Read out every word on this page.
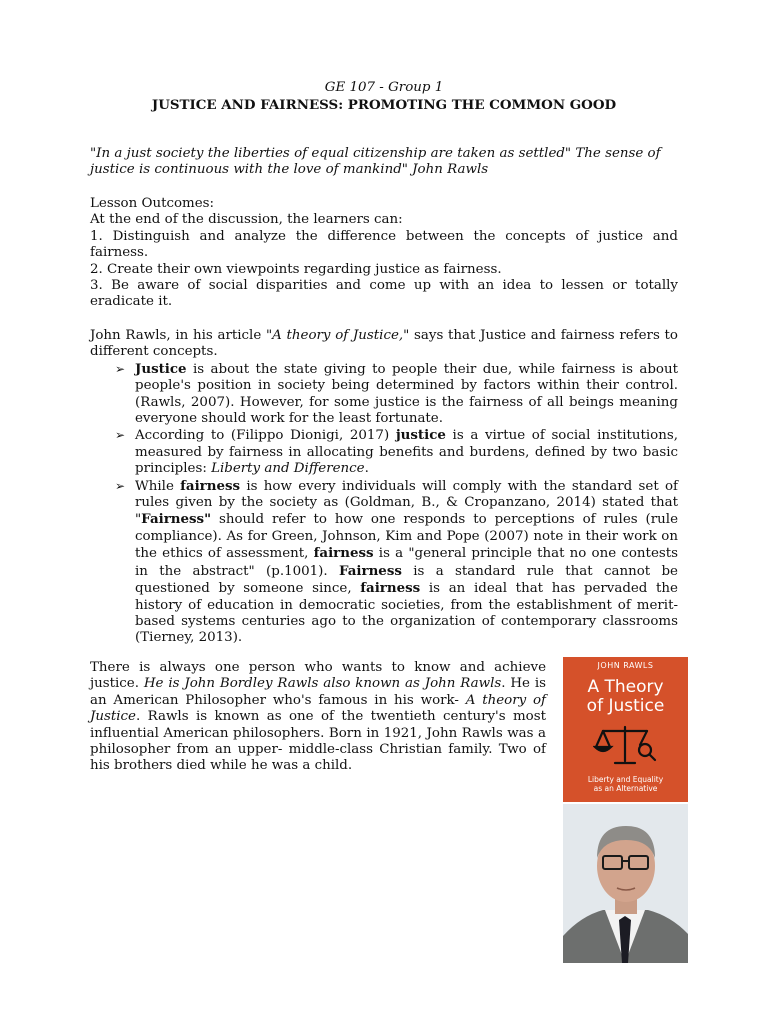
GE 107 - Group 1

JUSTICE AND FAIRNESS: PROMOTING THE COMMON GOOD

"In a just society the liberties of equal citizenship are taken as settled" The sense of justice is continuous with the love of mankind" John Rawls

Lesson Outcomes:

At the end of the discussion, the learners can:

1. Distinguish and analyze the difference between the concepts of justice and fairness.

2. Create their own viewpoints regarding justice as fairness.

3. Be aware of social disparities and come up with an idea to lessen or totally eradicate it.

John Rawls, in his article "A theory of Justice," says that Justice and fairness refers to different concepts.

➢ Justice is about the state giving to people their due, while fairness is about people's position in society being determined by factors within their control. (Rawls, 2007). However, for some justice is the fairness of all beings meaning everyone should work for the least fortunate.
➢ According to (Filippo Dionigi, 2017) justice is a virtue of social institutions, measured by fairness in allocating benefits and burdens, defined by two basic principles: Liberty and Difference.
➢ While fairness is how every individuals will comply with the standard set of rules given by the society as (Goldman, B., & Cropanzano, 2014) stated that "Fairness" should refer to how one responds to perceptions of rules (rule compliance). As for Green, Johnson, Kim and Pope (2007) note in their work on the ethics of assessment, fairness is a "general principle that no one contests in the abstract" (p.1001). Fairness is a standard rule that cannot be questioned by someone since, fairness is an ideal that has pervaded the history of education in democratic societies, from the establishment of merit-based systems centuries ago to the organization of contemporary classrooms (Tierney, 2013).

There is always one person who wants to know and achieve justice. He is John Bordley Rawls also known as John Rawls. He is an American Philosopher who's famous in his work- A theory of Justice. Rawls is known as one of the twentieth century's most influential American philosophers. Born in 1921, John Rawls was a philosopher from an upper- middle-class Christian family. Two of his brothers died while he was a child.

JOHN RAWLS
A Theory
of Justice
Liberty and Equality
as an Alternative
